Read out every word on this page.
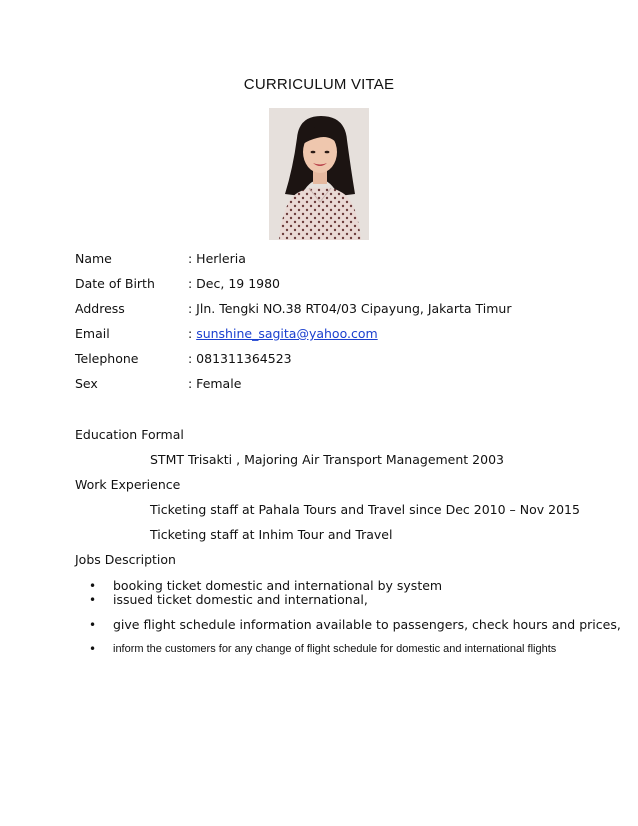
CURRICULUM VITAE
Name	: Herleria
Date of Birth	: Dec, 19 1980
Address	: Jln. Tengki NO.38 RT04/03 Cipayung, Jakarta Timur
Email	: sunshine_sagita@yahoo.com
Telephone	: 081311364523
Sex	: Female
Education Formal
STMT Trisakti , Majoring Air Transport Management 2003
Work Experience
Ticketing staff at Pahala Tours and Travel since Dec 2010 – Nov 2015
Ticketing staff at Inhim Tour and Travel
Jobs Description
• booking ticket domestic and international by system
• issued ticket domestic and international,
• give flight schedule information available to passengers, check hours and prices,
• inform the customers for any change of flight schedule for domestic and international flights
